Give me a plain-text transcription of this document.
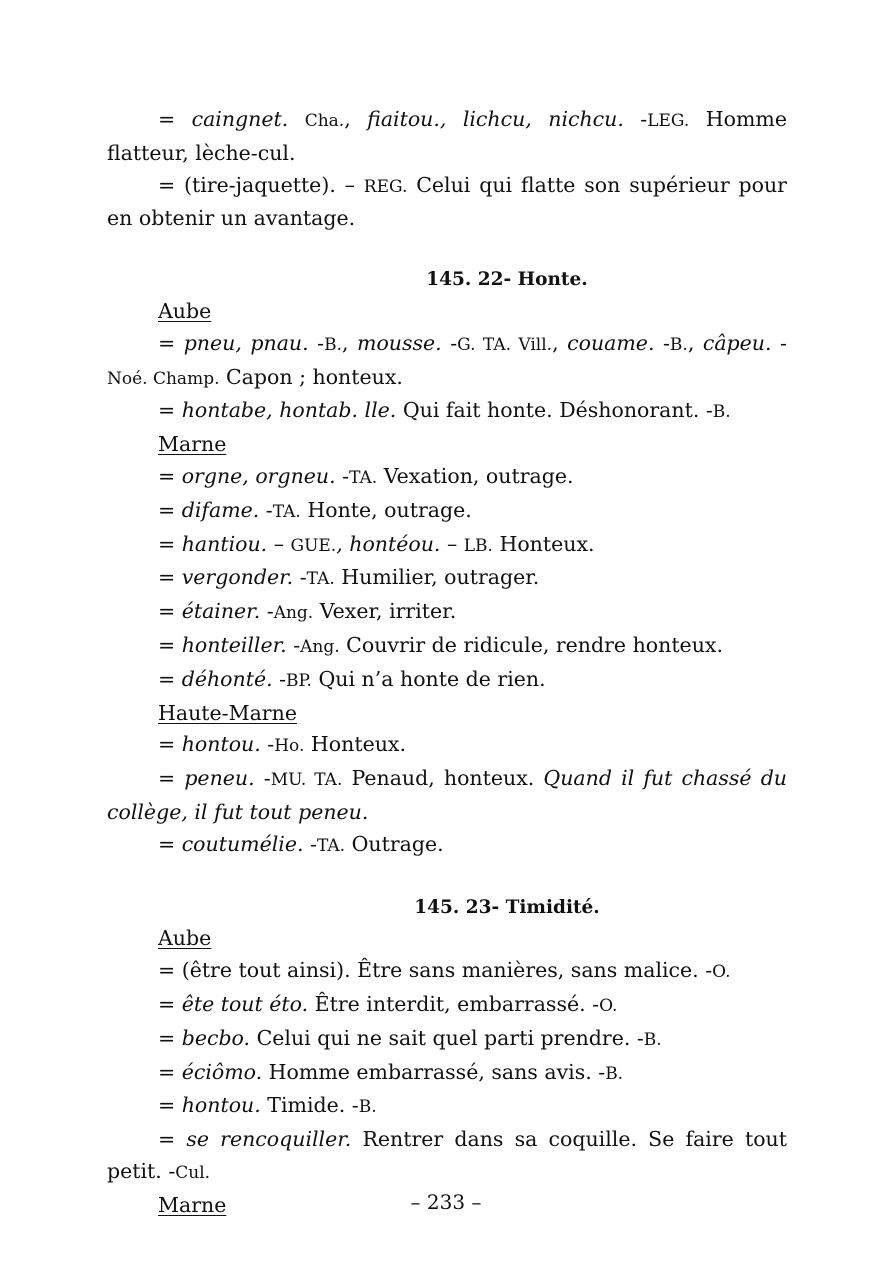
= caingnet. Cha., fiaitou., lichcu, nichcu. -LEG. Homme flatteur, lèche-cul.

= (tire-jaquette). – REG. Celui qui flatte son supérieur pour en obtenir un avantage.

145. 22- Honte.

Aube

= pneu, pnau. -B., mousse. -G. TA. Vill., couame. -B., câpeu. -Noé. Champ. Capon ; honteux.

= hontabe, hontab. lle. Qui fait honte. Déshonorant. -B.

Marne

= orgne, orgneu. -TA. Vexation, outrage.

= difame. -TA. Honte, outrage.

= hantiou. – GUE., hontéou. – LB. Honteux.

= vergonder. -TA. Humilier, outrager.

= étainer. -Ang. Vexer, irriter.

= honteiller. -Ang. Couvrir de ridicule, rendre honteux.

= déhonté. -BP. Qui n’a honte de rien.

Haute-Marne

= hontou. -Ho. Honteux.

= peneu. -MU. TA. Penaud, honteux. Quand il fut chassé du collège, il fut tout peneu.

= coutumélie. -TA. Outrage.

145. 23- Timidité.

Aube

= (être tout ainsi). Être sans manières, sans malice. -O.

= ête tout éto. Être interdit, embarrassé. -O.

= becbo. Celui qui ne sait quel parti prendre. -B.

= éciômo. Homme embarrassé, sans avis. -B.

= hontou. Timide. -B.

= se rencoquiller. Rentrer dans sa coquille. Se faire tout petit. -Cul.

Marne	– 233 –
